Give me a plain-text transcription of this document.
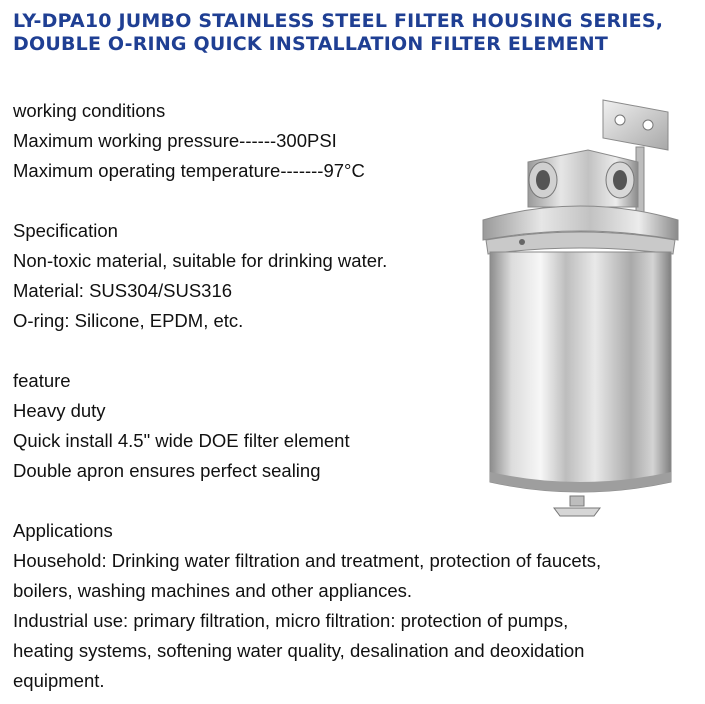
LY-DPA10 JUMBO STAINLESS STEEL FILTER HOUSING SERIES,
DOUBLE O-RING QUICK INSTALLATION FILTER ELEMENT
working conditions
Maximum working pressure------300PSI
Maximum operating temperature-------97°C
Specification
Non-toxic material, suitable for drinking water.
Material: SUS304/SUS316
O-ring: Silicone, EPDM, etc.
feature
Heavy duty
Quick install 4.5" wide DOE filter element
Double apron ensures perfect sealing
Applications
Household: Drinking water filtration and treatment, protection of faucets,
boilers, washing machines and other appliances.
Industrial use: primary filtration, micro filtration: protection of pumps,
heating systems, softening water quality, desalination and deoxidation
equipment.
